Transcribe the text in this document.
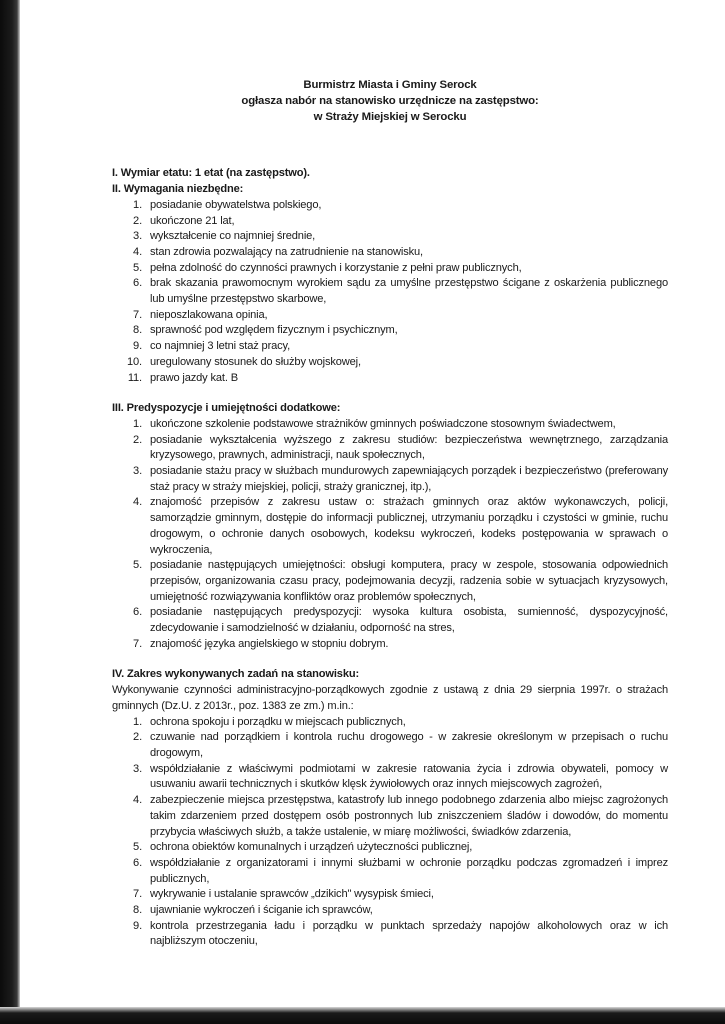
Burmistrz Miasta i Gminy Serock
ogłasza nabór na stanowisko urzędnicze na zastępstwo:
w Straży Miejskiej w Serocku
I. Wymiar etatu: 1 etat (na zastępstwo).
II. Wymagania niezbędne:
1. posiadanie obywatelstwa polskiego,
2. ukończone 21 lat,
3. wykształcenie co najmniej średnie,
4. stan zdrowia pozwalający na zatrudnienie na stanowisku,
5. pełna zdolność do czynności prawnych i korzystanie z pełni praw publicznych,
6. brak skazania prawomocnym wyrokiem sądu za umyślne przestępstwo ścigane z oskarżenia publicznego lub umyślne przestępstwo skarbowe,
7. nieposzlakowana opinia,
8. sprawność pod względem fizycznym i psychicznym,
9. co najmniej 3 letni staż pracy,
10. uregulowany stosunek do służby wojskowej,
11. prawo jazdy kat. B
III. Predyspozycje i umiejętności dodatkowe:
1. ukończone szkolenie podstawowe strażników gminnych poświadczone stosownym świadectwem,
2. posiadanie wykształcenia wyższego z zakresu studiów: bezpieczeństwa wewnętrznego, zarządzania kryzysowego, prawnych, administracji, nauk społecznych,
3. posiadanie stażu pracy w służbach mundurowych zapewniających porządek i bezpieczeństwo (preferowany staż pracy w straży miejskiej, policji, straży granicznej, itp.),
4. znajomość przepisów z zakresu ustaw o: strażach gminnych oraz aktów wykonawczych, policji, samorządzie gminnym, dostępie do informacji publicznej, utrzymaniu porządku i czystości w gminie, ruchu drogowym, o ochronie danych osobowych, kodeksu wykroczeń, kodeks postępowania w sprawach o wykroczenia,
5. posiadanie następujących umiejętności: obsługi komputera, pracy w zespole, stosowania odpowiednich przepisów, organizowania czasu pracy, podejmowania decyzji, radzenia sobie w sytuacjach kryzysowych, umiejętność rozwiązywania konfliktów oraz problemów społecznych,
6. posiadanie następujących predyspozycji: wysoka kultura osobista, sumienność, dyspozycyjność, zdecydowanie i samodzielność w działaniu, odporność na stres,
7. znajomość języka angielskiego w stopniu dobrym.
IV. Zakres wykonywanych zadań na stanowisku:

Wykonywanie czynności administracyjno-porządkowych zgodnie z ustawą z dnia 29 sierpnia 1997r. o strażach gminnych (Dz.U. z 2013r., poz. 1383 ze zm.) m.in.:

1. ochrona spokoju i porządku w miejscach publicznych,
2. czuwanie nad porządkiem i kontrola ruchu drogowego - w zakresie określonym w przepisach o ruchu drogowym,
3. współdziałanie z właściwymi podmiotami w zakresie ratowania życia i zdrowia obywateli, pomocy w usuwaniu awarii technicznych i skutków klęsk żywiołowych oraz innych miejscowych zagrożeń,
4. zabezpieczenie miejsca przestępstwa, katastrofy lub innego podobnego zdarzenia albo miejsc zagrożonych takim zdarzeniem przed dostępem osób postronnych lub zniszczeniem śladów i dowodów, do momentu przybycia właściwych służb, a także ustalenie, w miarę możliwości, świadków zdarzenia,
5. ochrona obiektów komunalnych i urządzeń użyteczności publicznej,
6. współdziałanie z organizatorami i innymi służbami w ochronie porządku podczas zgromadzeń i imprez publicznych,
7. wykrywanie i ustalanie sprawców „dzikich" wysypisk śmieci,
8. ujawnianie wykroczeń i ściganie ich sprawców,
9. kontrola przestrzegania ładu i porządku w punktach sprzedaży napojów alkoholowych oraz w ich najbliższym otoczeniu,
